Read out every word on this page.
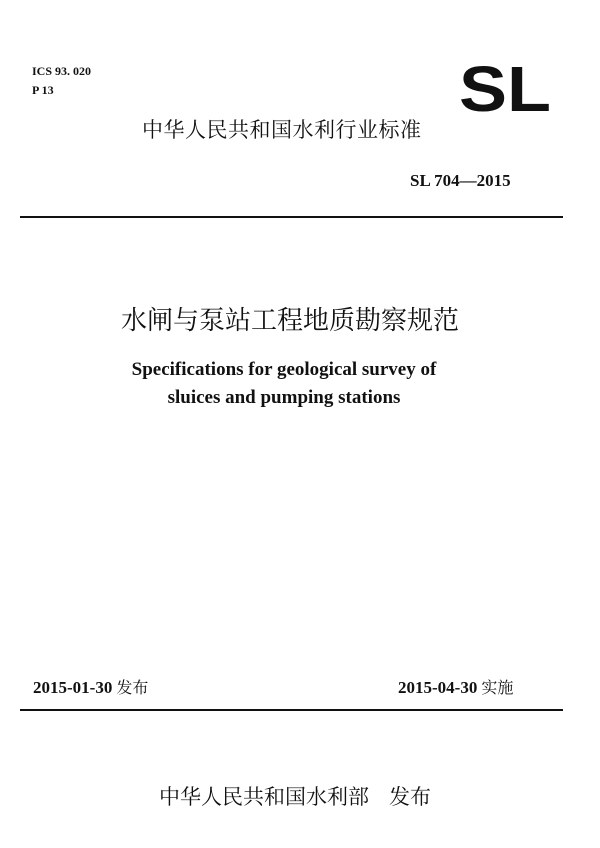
ICS 93. 020
P 13	SL
中华人民共和国水利行业标准
SL 704—2015
水闸与泵站工程地质勘察规范
Specifications for geological survey of
sluices and pumping stations
2015-01-30 发布	2015-04-30 实施
中华人民共和国水利部   发布
